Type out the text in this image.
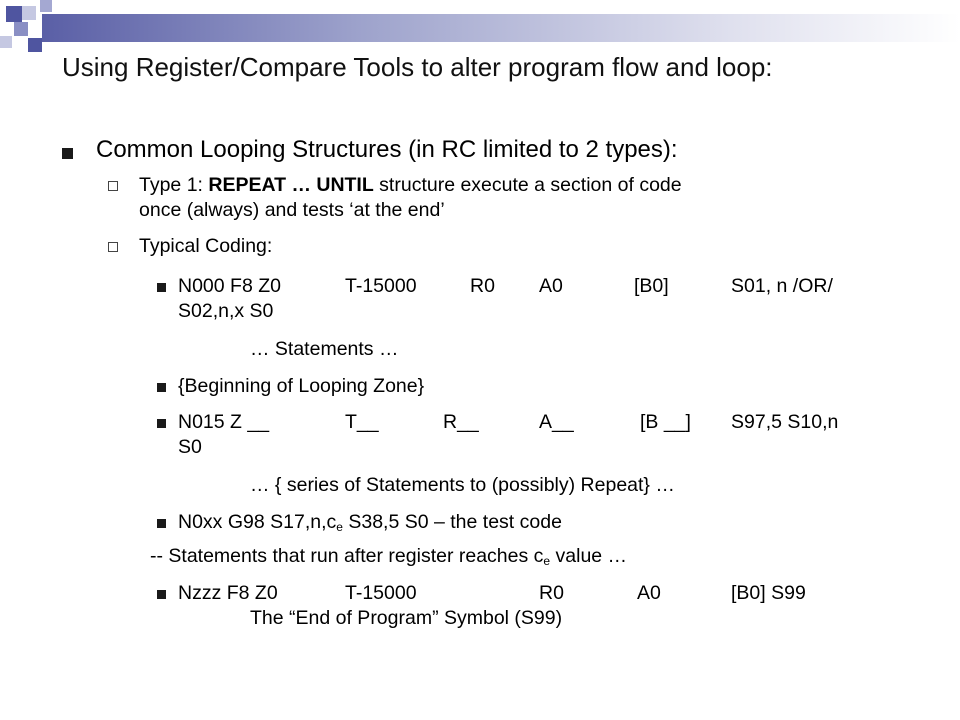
Using Register/Compare Tools to alter program flow and loop:
Common Looping Structures (in RC limited to 2 types):
Type 1: REPEAT … UNTIL structure execute a section of code
once (always) and tests ‘at the end’
Typical Coding:
N000 F8 Z0	T-15000	R0 A0	[B0]	S01, n /OR/
S02,n,x S0
… Statements …
{Beginning of Looping Zone}
N015 Z __	T__	R__	A__	[B __] S97,5 S10,n
S0
… { series of Statements to (possibly) Repeat} …
N0xx G98 $S17,n,c_e$ S38,5 S0 – the test code
-- Statements that run after register reaches $c_e$ value …
Nzzz F8 Z0	T-15000	R0	A0	[B0] S99
The “End of Program” Symbol (S99)
